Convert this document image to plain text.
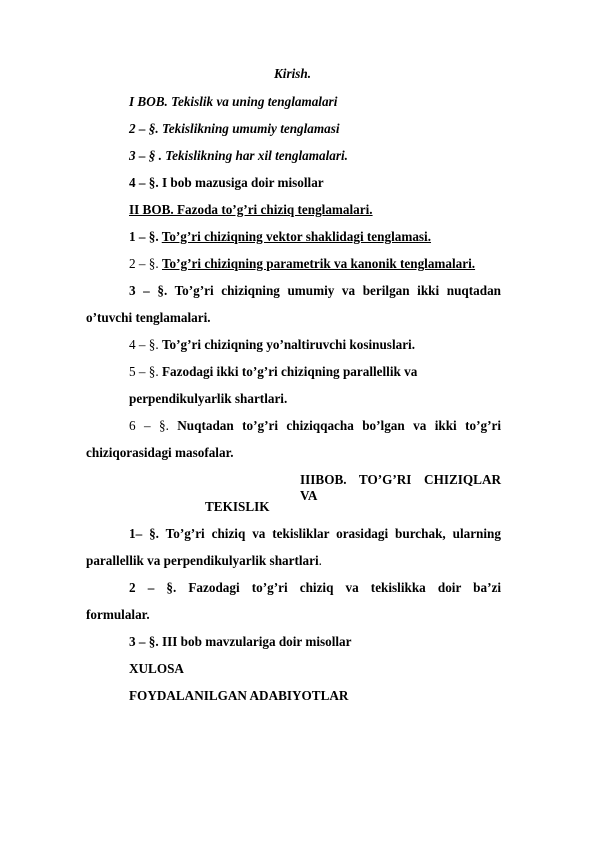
Kirish.
I BOB. Tekislik va uning tenglamalari
2 – §. Tekislikning umumiy tenglamasi
3 – § . Tekislikning har xil tenglamalari.
4 – §. I bob mazusiga doir misollar
II BOB. Fazoda to’g’ri chiziq tenglamalari.
1 – §. To’g’ri chiziqning vektor shaklidagi tenglamasi.
2 – §. To’g’ri chiziqning parametrik va kanonik tenglamalari.
3 – §. To’g’ri chiziqning umumiy va berilgan ikki nuqtadan
o’tuvchi tenglamalari.
4 – §. To’g’ri chiziqning yo’naltiruvchi kosinuslari.
5 – §. Fazodagi ikki to’g’ri chiziqning parallellik va
perpendikulyarlik shartlari.
6 – §. Nuqtadan to’g’ri chiziqqacha bo’lgan va ikki to’g’ri
chiziqorasidagi masofalar.
IIIBOB. TO’G’RI CHIZIQLAR VA
TEKISLIK
1– §. To’g’ri chiziq va tekisliklar orasidagi burchak, ularning
parallellik va perpendikulyarlik shartlari.
2 – §. Fazodagi to’g’ri chiziq va tekislikka doir ba’zi
formulalar.
3 – §. III bob mavzulariga doir misollar
XULOSA
FOYDALANILGAN ADABIYOTLAR
